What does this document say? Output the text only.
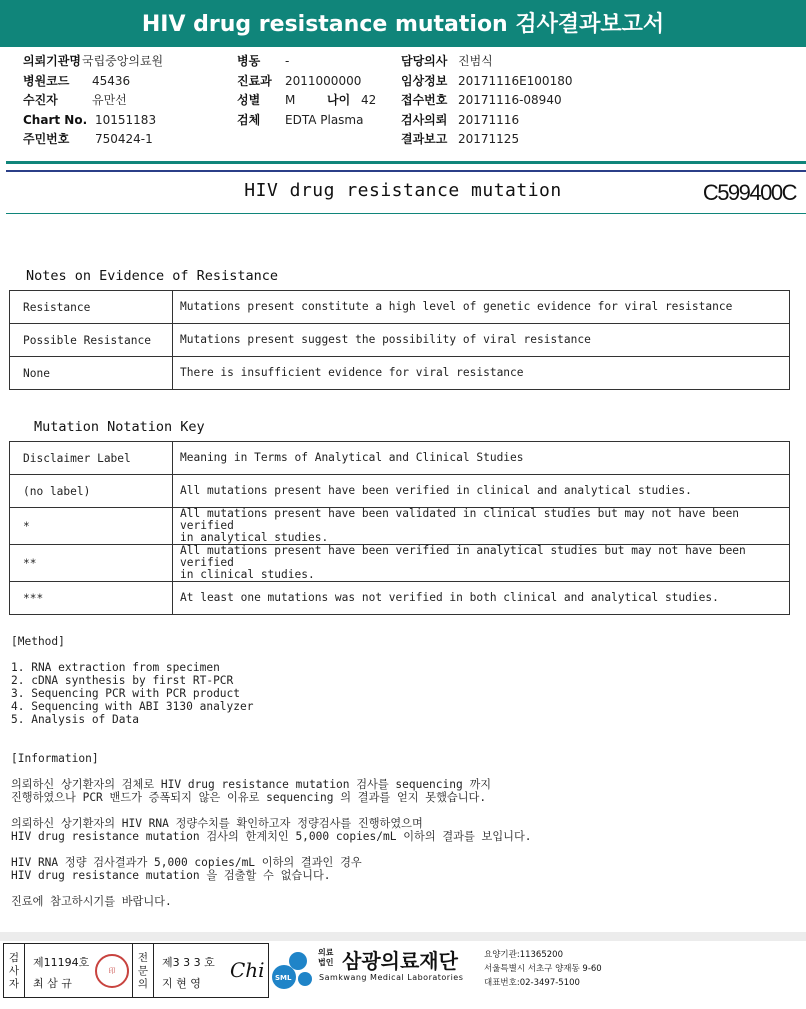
HIV drug resistance mutation 검사결과보고서
의뢰기관명국립중앙의료원
병원코드 45436
수진자	유만선
Chart No. 10151183
주민번호 750424-1
병동 -
진료과 2011000000
성별 M	나이 42
검체 EDTA Plasma
담당의사 진범식
임상정보 20171116E100180
접수번호 20171116-08940
검사의뢰 20171116
결과보고 20171125
HIV drug resistance mutation	C599400C
Notes on Evidence of Resistance
Resistance	Mutations present constitute a high level of genetic evidence for viral resistance
Possible Resistance	Mutations present suggest the possibility of viral resistance
None	There is insufficient evidence for viral resistance
Mutation Notation Key
Disclaimer Label	Meaning in Terms of Analytical and Clinical Studies

(no label)	All mutations present have been verified in clinical and analytical studies.

*	All mutations present have been validated in clinical studies but may not have been verified
in analytical studies.

**	All mutations present have been verified in analytical studies but may not have been verified
in clinical studies.

***	At least one mutations was not verified in both clinical and analytical studies.
[Method]
1. RNA extraction from specimen
2. cDNA synthesis by first RT-PCR
3. Sequencing PCR with PCR product
4. Sequencing with ABI 3130 analyzer
5. Analysis of Data
[Information]
의뢰하신 상기환자의 검체로 HIV drug resistance mutation 검사를 sequencing 까지
진행하였으나 PCR 밴드가 증폭되지 않은 이유로 sequencing 의 결과를 얻지 못했습니다.
의뢰하신 상기환자의 HIV RNA 정량수치를 확인하고자 정량검사를 진행하였으며
HIV drug resistance mutation 검사의 한계치인 5,000 copies/mL 이하의 결과를 보입니다.
HIV RNA 정량 검사결과가 5,000 copies/mL 이하의 결과인 경우
HIV drug resistance mutation 을 검출할 수 없습니다.
진료에 참고하시기를 바랍니다.
검사자
제11194호
최 삼 규
印
전문의
제3 3 3 호
지 현 영
Chi SML
의료법인 삼광의료재단
Samkwang Medical Laboratories
요양기관:11365200
서울특별시 서초구 양재동 9-60
대표번호:02-3497-5100
